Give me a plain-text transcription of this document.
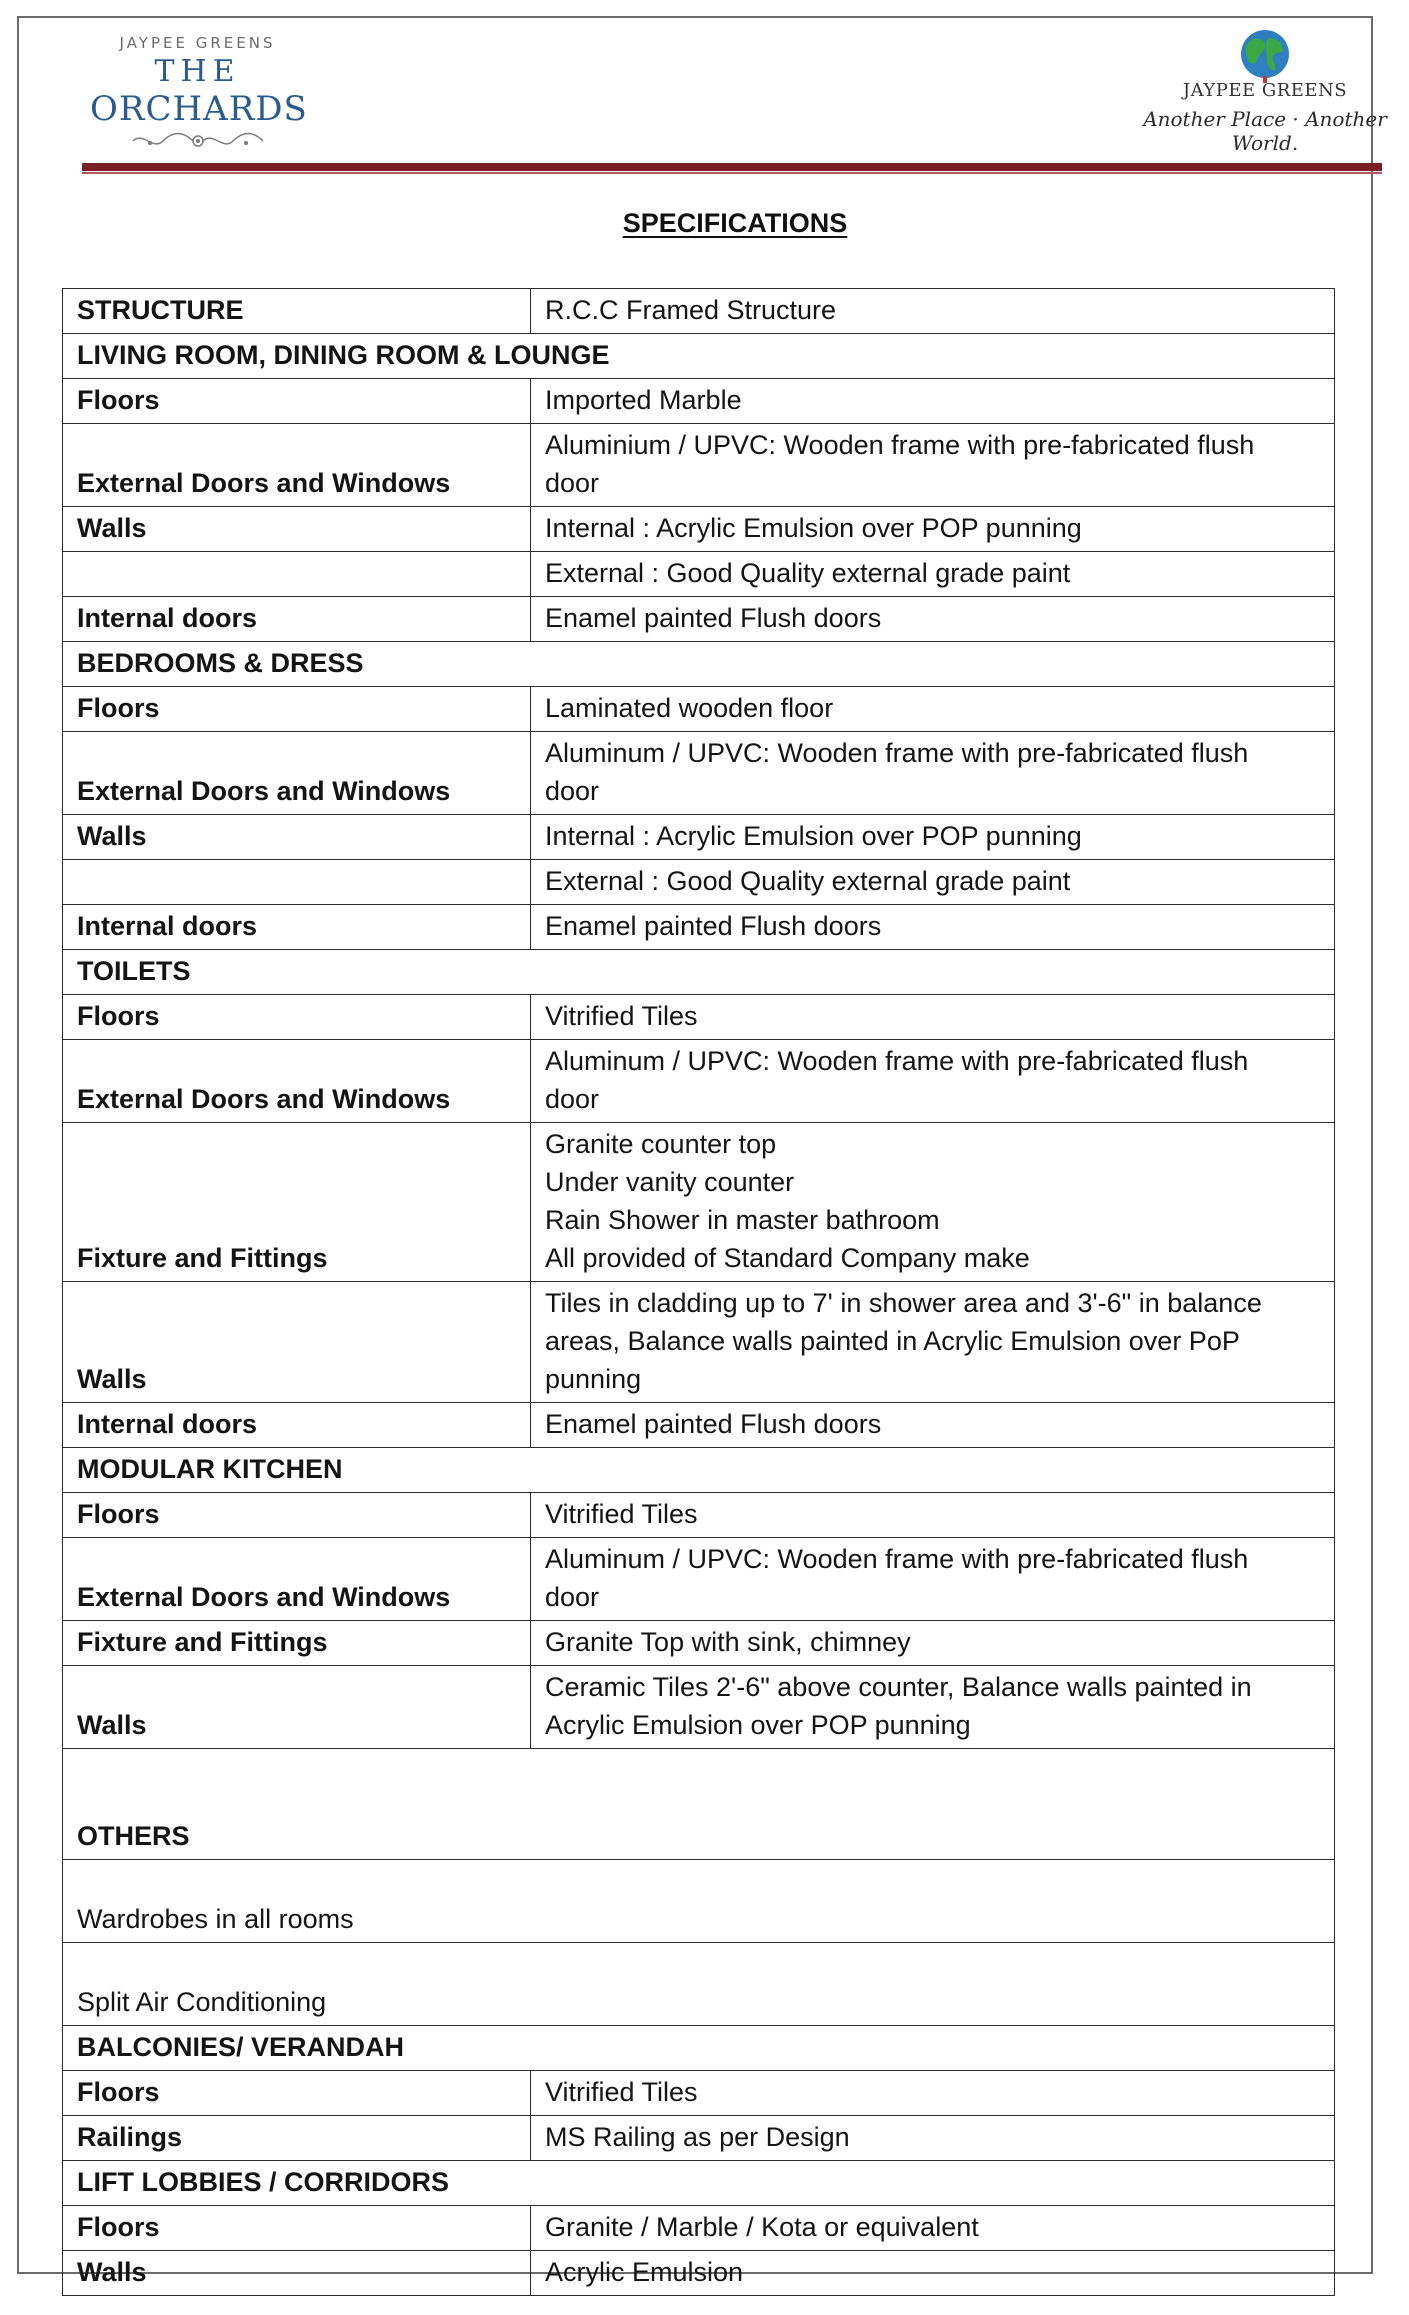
JAYPEE GREENS
THE
ORCHARDS	JAYPEE GREENS
Another Place · Another World.
SPECIFICATIONS
STRUCTURE	R.C.C Framed Structure

LIVING ROOM, DINING ROOM & LOUNGE	
Floors	Imported Marble

External Doors and Windows	Aluminium / UPVC: Wooden frame with pre-fabricated flush
door

Walls	Internal : Acrylic Emulsion over POP punning

	External : Good Quality external grade paint

Internal doors	Enamel painted Flush doors

BEDROOMS & DRESS	
Floors	Laminated wooden floor

External Doors and Windows	Aluminum / UPVC: Wooden frame with pre-fabricated flush
door

Walls	Internal : Acrylic Emulsion over POP punning

	External : Good Quality external grade paint

Internal doors	Enamel painted Flush doors

TOILETS	
Floors	Vitrified Tiles

External Doors and Windows	Aluminum / UPVC: Wooden frame with pre-fabricated flush
door

Fixture and Fittings	Granite counter top
Under vanity counter
Rain Shower in master bathroom
All provided of Standard Company make

Walls	Tiles in cladding up to 7' in shower area and 3'-6" in balance
areas, Balance walls painted in Acrylic Emulsion over PoP
punning

Internal doors	Enamel painted Flush doors

MODULAR KITCHEN	
Floors	Vitrified Tiles

External Doors and Windows	Aluminum / UPVC: Wooden frame with pre-fabricated flush
door

Fixture and Fittings	Granite Top with sink, chimney

Walls	Ceramic Tiles 2'-6" above counter, Balance walls painted in
Acrylic Emulsion over POP punning

OTHERS	
Wardrobes in all rooms	
Split Air Conditioning	
BALCONIES/ VERANDAH	
Floors	Vitrified Tiles

Railings	MS Railing as per Design

LIFT LOBBIES / CORRIDORS	
Floors	Granite / Marble / Kota or equivalent

Walls	Acrylic Emulsion
